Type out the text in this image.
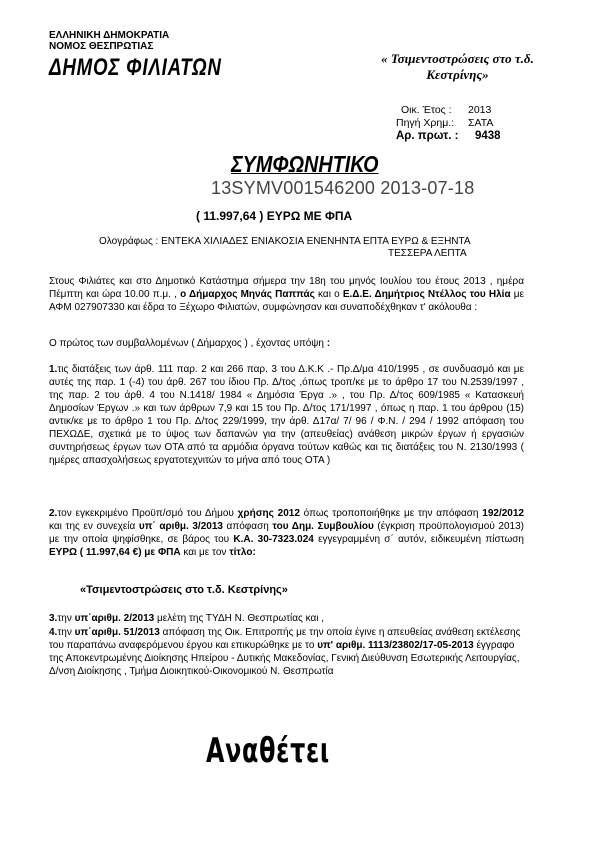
ΕΛΛΗΝΙΚΗ ΔΗΜΟΚΡΑΤΙΑ
ΝΟΜΟΣ ΘΕΣΠΡΩΤΙΑΣ
ΔΗΜΟΣ ΦΙΛΙΑΤΩΝ	« Τσιμεντοστρώσεις στο τ.δ.
Κεστρίνης»
Οικ. Έτος : 2013
Πηγή Χρημ.: ΣΑΤΑ
Αρ. πρωτ. : 9438
ΣΥΜΦΩΝΗΤΙΚΟ
13SYMV001546200 2013-07-18
( 11.997,64 ) ΕΥΡΩ ΜΕ ΦΠΑ
Ολογράφως : ΕΝΤΕΚΑ ΧΙΛΙΑΔΕΣ ΕΝΙΑΚΟΣΙΑ ΕΝΕΝΗΝΤΑ ΕΠΤΑ ΕΥΡΩ & ΕΞΗΝΤΑ
ΤΕΣΣΕΡΑ ΛΕΠΤΑ
Στους Φιλιάτες και στο Δημοτικό Κατάστημα σήμερα την 18η του μηνός Ιουλίου του έτους 2013 , ημέρα Πέμπτη και ώρα 10.00 π.μ. , ο Δήμαρχος Μηνάς Παππάς και ο Ε.Δ.Ε. Δημήτριος Ντέλλος του Ηλία με ΑΦΜ 027907330 και έδρα το Ξέχωρο Φιλιατών, συμφώνησαν και συναποδέχθηκαν τ' ακόλουθα :
Ο πρώτος των συμβαλλομένων ( Δήμαρχος ) , έχοντας υπόψη :
1.τις διατάξεις των άρθ. 111 παρ. 2 και 266 παρ. 3 του Δ.Κ.Κ .- Πρ.Δ/μα 410/1995 , σε συνδυασμό και με αυτές της παρ. 1 (-4) του άρθ. 267 του ίδιου Πρ. Δ/τος ,όπως τροπ/κε με το άρθρο 17 του Ν.2539/1997 , της παρ. 2 του άρθ. 4 του Ν.1418/ 1984 « Δημόσια Έργα .» , του Πρ. Δ/τος 609/1985 « Κατασκευή Δημοσίων Έργων .» και των άρθρων 7,9 και 15 του Πρ. Δ/τος 171/1997 , όπως η παρ. 1 του άρθρου (15) αντικ/κε με το άρθρο 1 του Πρ. Δ/τος 229/1999, την άρθ. Δ17α/ 7/ 96 / Φ.Ν. / 294 / 1992 απόφαση του ΠΕΧΩΔΕ, σχετικά με το ύψος των δαπανών για την (απευθείας) ανάθεση μικρών έργων ή εργασιών συντηρήσεως έργων των ΟΤΑ από τα αρμόδια όργανα τούτων καθώς και τις διατάξεις του Ν. 2130/1993 ( ημέρες απασχολήσεως εργατοτεχνιτών το μήνα από τους ΟΤΑ )
2.τον εγκεκριμένο Προϋπ/σμό του Δήμου χρήσης 2012 όπως τροποποιήθηκε με την απόφαση 192/2012 και της εν συνεχεία υπ΄ αριθμ. 3/2013 απόφαση του Δημ. Συμβουλίου (έγκριση προϋπολογισμού 2013) με την οποία ψηφίσθηκε, σε βάρος του Κ.Α. 30-7323.024 εγγεγραμμένη σ΄ αυτόν, ειδικευμένη πίστωση ΕΥΡΩ ( 11.997,64 €) με ΦΠΑ και με τον τίτλο:
«Τσιμεντοστρώσεις στο τ.δ. Κεστρίνης»
3.την υπ΄αριθμ. 2/2013 μελέτη της ΤΥΔΗ Ν. Θεσπρωτίας και ,
4.την υπ΄αριθμ. 51/2013 απόφαση της Οικ. Επιτροπής με την οποία έγινε η απευθείας ανάθεση εκτέλεσης του παραπάνω αναφερόμενου έργου και επικυρώθηκε με το υπ' αριθμ. 1113/23802/17-05-2013 έγγραφο της Αποκεντρωμένης Διοίκησης Ηπείρου - Δυτικής Μακεδονίας, Γενική Διεύθυνση Εσωτερικής Λειτουργίας, Δ/νση Διοίκησης , Τμήμα Διοικητικού-Οικονομικού Ν. Θεσπρωτία
Αναθέτει
